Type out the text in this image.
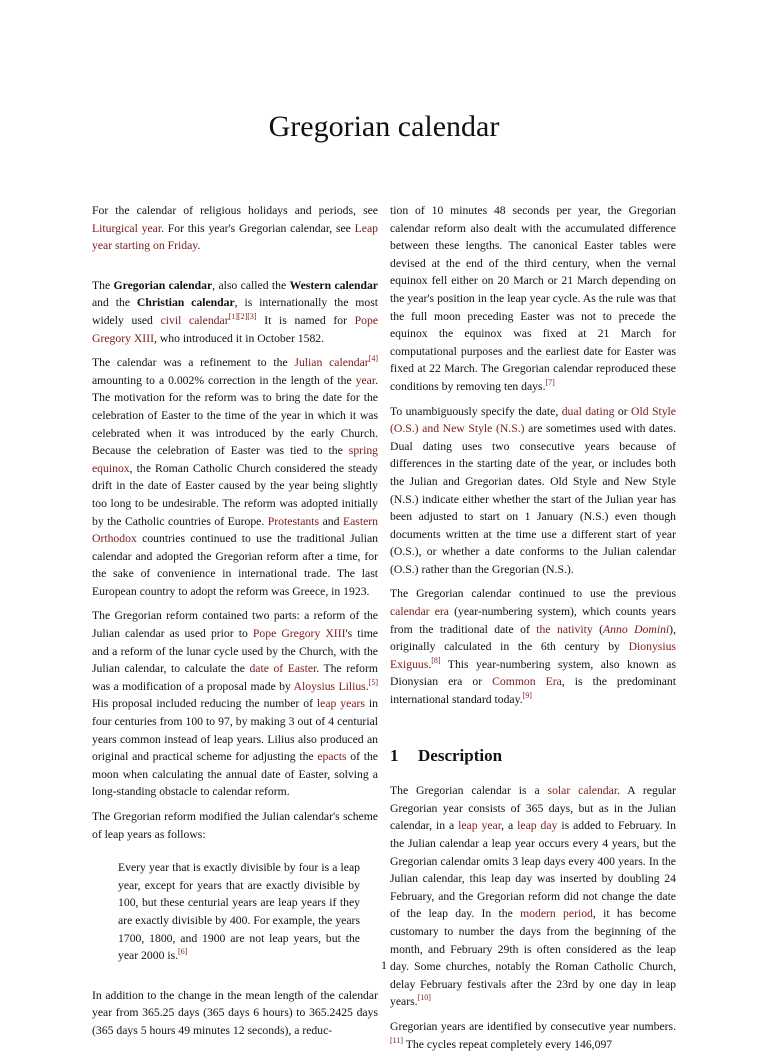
Gregorian calendar

For the calendar of religious holidays and periods, see Liturgical year. For this year's Gregorian calendar, see Leap year starting on Friday.

The Gregorian calendar, also called the Western calendar and the Christian calendar, is internationally the most widely used civil calendar[1][2][3] It is named for Pope Gregory XIII, who introduced it in October 1582.

The calendar was a refinement to the Julian calendar[4] amounting to a 0.002% correction in the length of the year. The motivation for the reform was to bring the date for the celebration of Easter to the time of the year in which it was celebrated when it was introduced by the early Church. Because the celebration of Easter was tied to the spring equinox, the Roman Catholic Church considered the steady drift in the date of Easter caused by the year being slightly too long to be undesirable. The reform was adopted initially by the Catholic countries of Europe. Protestants and Eastern Orthodox countries continued to use the traditional Julian calendar and adopted the Gregorian reform after a time, for the sake of convenience in international trade. The last European country to adopt the reform was Greece, in 1923.

The Gregorian reform contained two parts: a reform of the Julian calendar as used prior to Pope Gregory XIII's time and a reform of the lunar cycle used by the Church, with the Julian calendar, to calculate the date of Easter. The reform was a modification of a proposal made by Aloysius Lilius.[5] His proposal included reducing the number of leap years in four centuries from 100 to 97, by making 3 out of 4 centurial years common instead of leap years. Lilius also produced an original and practical scheme for adjusting the epacts of the moon when calculating the annual date of Easter, solving a long-standing obstacle to calendar reform.

The Gregorian reform modified the Julian calendar's scheme of leap years as follows:

Every year that is exactly divisible by four is a leap year, except for years that are exactly divisible by 100, but these centurial years are leap years if they are exactly divisible by 400. For example, the years 1700, 1800, and 1900 are not leap years, but the year 2000 is.[6]

In addition to the change in the mean length of the calendar year from 365.25 days (365 days 6 hours) to 365.2425 days (365 days 5 hours 49 minutes 12 seconds), a reduc-

tion of 10 minutes 48 seconds per year, the Gregorian calendar reform also dealt with the accumulated difference between these lengths. The canonical Easter tables were devised at the end of the third century, when the vernal equinox fell either on 20 March or 21 March depending on the year's position in the leap year cycle. As the rule was that the full moon preceding Easter was not to precede the equinox the equinox was fixed at 21 March for computational purposes and the earliest date for Easter was fixed at 22 March. The Gregorian calendar reproduced these conditions by removing ten days.[7]

To unambiguously specify the date, dual dating or Old Style (O.S.) and New Style (N.S.) are sometimes used with dates. Dual dating uses two consecutive years because of differences in the starting date of the year, or includes both the Julian and Gregorian dates. Old Style and New Style (N.S.) indicate either whether the start of the Julian year has been adjusted to start on 1 January (N.S.) even though documents written at the time use a different start of year (O.S.), or whether a date conforms to the Julian calendar (O.S.) rather than the Gregorian (N.S.).

The Gregorian calendar continued to use the previous calendar era (year-numbering system), which counts years from the traditional date of the nativity (Anno Domini), originally calculated in the 6th century by Dionysius Exiguus.[8] This year-numbering system, also known as Dionysian era or Common Era, is the predominant international standard today.[9]

1 Description

The Gregorian calendar is a solar calendar. A regular Gregorian year consists of 365 days, but as in the Julian calendar, in a leap year, a leap day is added to February. In the Julian calendar a leap year occurs every 4 years, but the Gregorian calendar omits 3 leap days every 400 years. In the Julian calendar, this leap day was inserted by doubling 24 February, and the Gregorian reform did not change the date of the leap day. In the modern period, it has become customary to number the days from the beginning of the month, and February 29th is often considered as the leap day. Some churches, notably the Roman Catholic Church, delay February festivals after the 23rd by one day in leap years.[10]

Gregorian years are identified by consecutive year numbers.[11] The cycles repeat completely every 146,097

1
